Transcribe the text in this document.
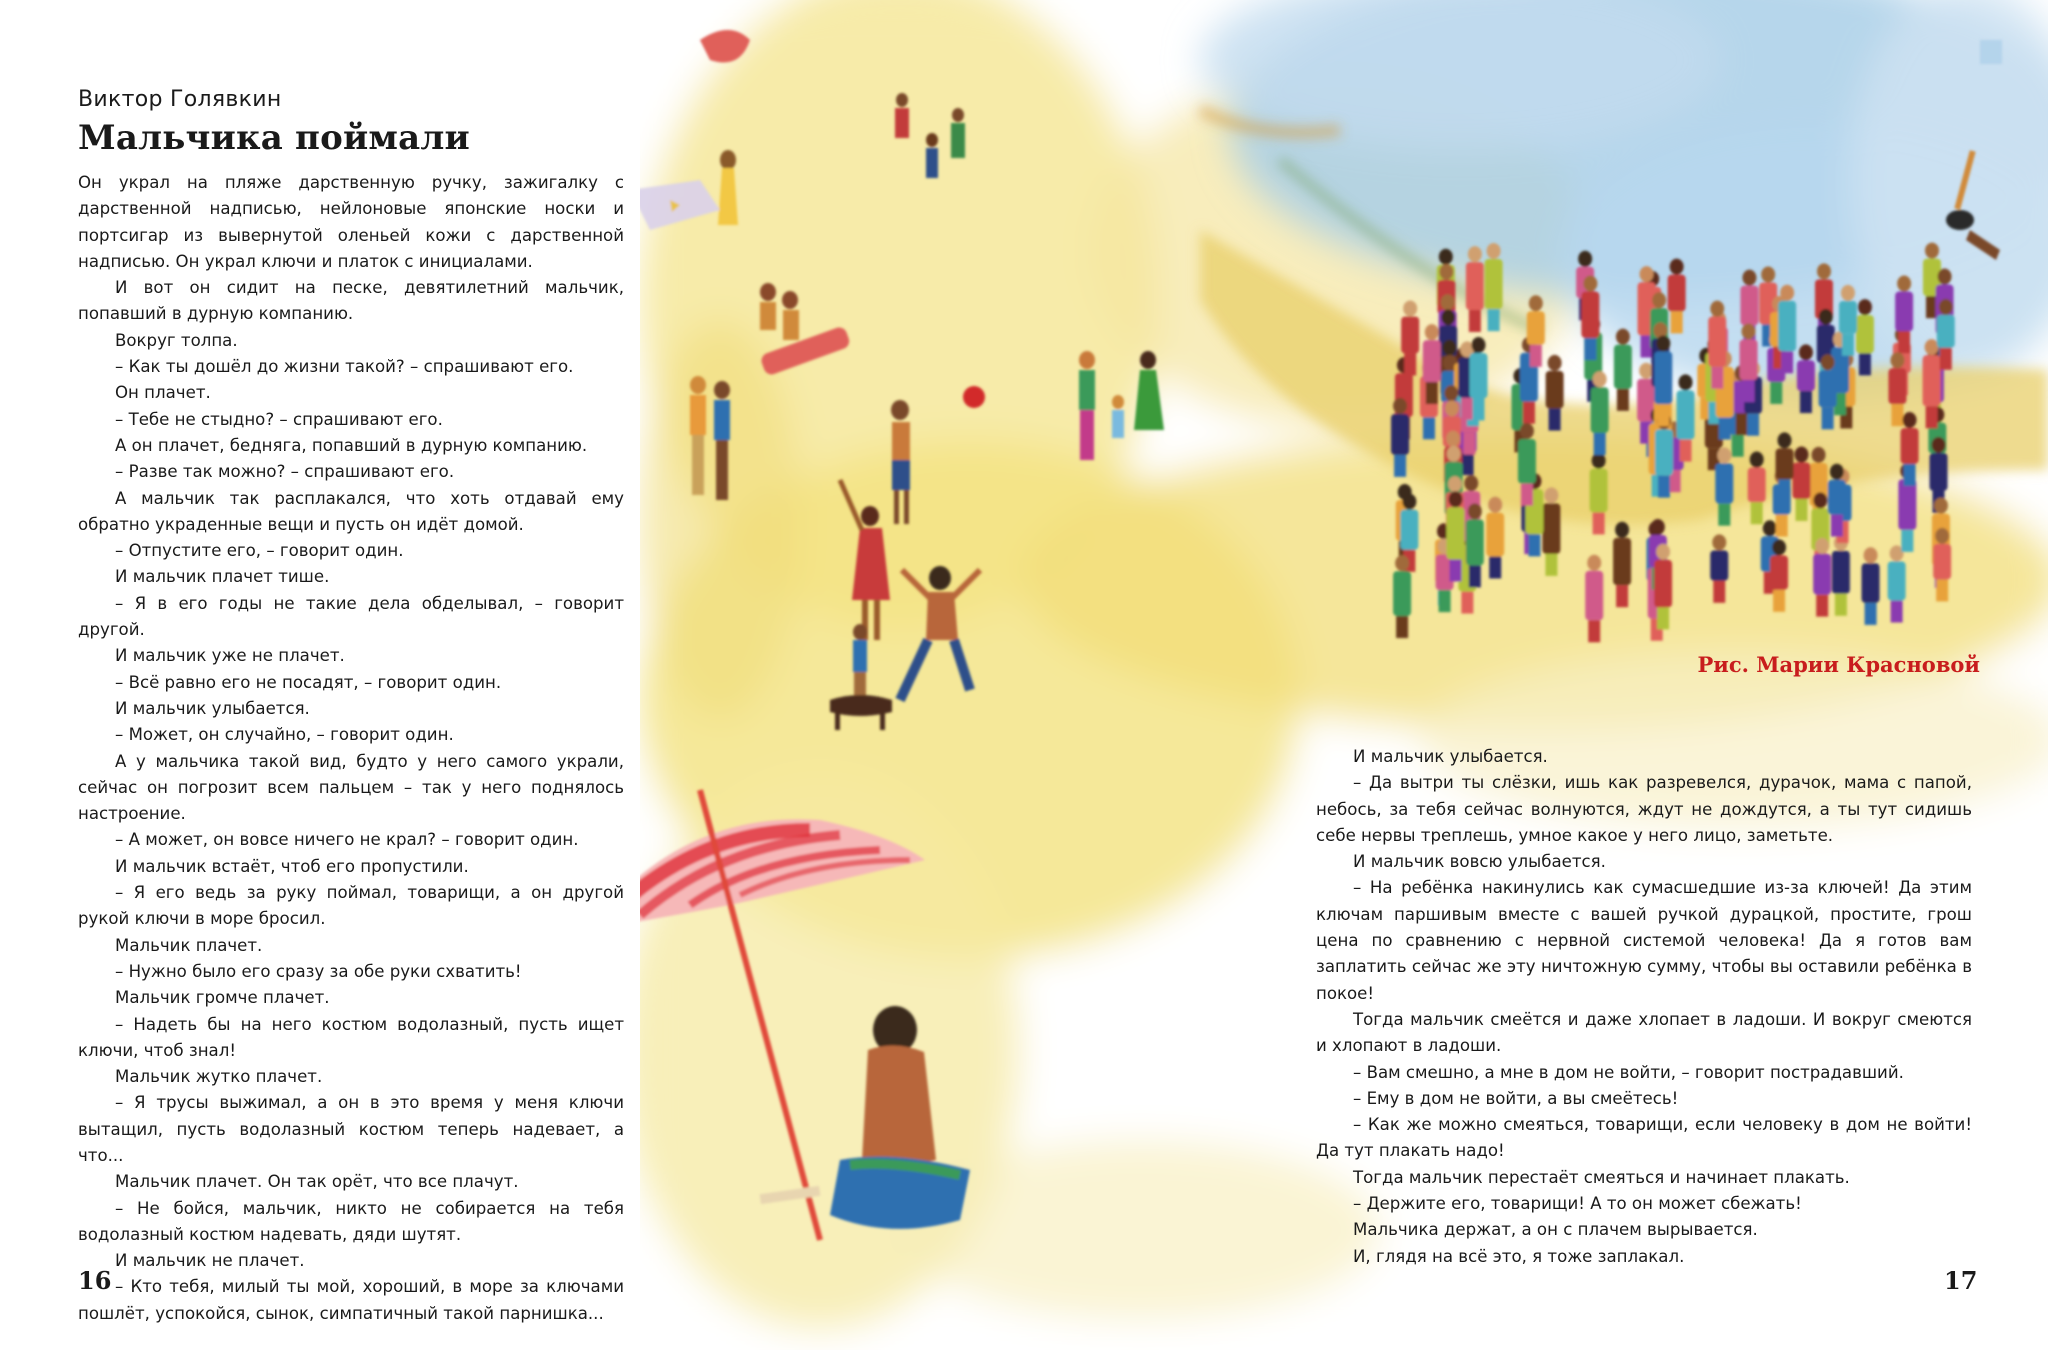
Виктор Голявкин
Мальчика поймали

Он украл на пляже дарственную ручку, зажигалку с дарственной надписью, нейлоновые японские носки и портсигар из вывернутой оленьей кожи с дарственной надписью. Он украл ключи и платок с инициалами.

И вот он сидит на песке, девятилетний мальчик, попавший в дурную компанию.

Вокруг толпа.

– Как ты дошёл до жизни такой? – спрашивают его.

Он плачет.

– Тебе не стыдно? – спрашивают его.

А он плачет, бедняга, попавший в дурную компанию.

– Разве так можно? – спрашивают его.

А мальчик так расплакался, что хоть отдавай ему обратно украденные вещи и пусть он идёт домой.

– Отпустите его, – говорит один.

И мальчик плачет тише.

– Я в его годы не такие дела обделывал, – говорит другой.

И мальчик уже не плачет.

– Всё равно его не посадят, – говорит один.

И мальчик улыбается.

– Может, он случайно, – говорит один.

А у мальчика такой вид, будто у него самого украли, сейчас он погрозит всем пальцем – так у него поднялось настроение.

– А может, он вовсе ничего не крал? – говорит один.

И мальчик встаёт, чтоб его пропустили.

– Я его ведь за руку поймал, товарищи, а он другой рукой ключи в море бросил.

Мальчик плачет.

– Нужно было его сразу за обе руки схватить!

Мальчик громче плачет.

– Надеть бы на него костюм водолазный, пусть ищет ключи, чтоб знал!

Мальчик жутко плачет.

– Я трусы выжимал, а он в это время у меня ключи вытащил, пусть водолазный костюм теперь надевает, а что...

Мальчик плачет. Он так орёт, что все плачут.

– Не бойся, мальчик, никто не собирается на тебя водолазный костюм надевать, дяди шутят.

И мальчик не плачет.

– Кто тебя, милый ты мой, хороший, в море за ключами пошлёт, успокойся, сынок, симпатичный такой парнишка...

16
Рис. Марии Красновой

И мальчик улыбается.

– Да вытри ты слёзки, ишь как разревелся, дурачок, мама с папой, небось, за тебя сейчас волнуются, ждут не дождутся, а ты тут сидишь себе нервы треплешь, умное какое у него лицо, заметьте.

И мальчик вовсю улыбается.

– На ребёнка накинулись как сумасшедшие из-за ключей! Да этим ключам паршивым вместе с вашей ручкой дурацкой, простите, грош цена по сравнению с нервной системой человека! Да я готов вам заплатить сейчас же эту ничтожную сумму, чтобы вы оставили ребёнка в покое!

Тогда мальчик смеётся и даже хлопает в ладоши. И вокруг смеются и хлопают в ладоши.

– Вам смешно, а мне в дом не войти, – говорит пострадавший.

– Ему в дом не войти, а вы смеётесь!

– Как же можно смеяться, товарищи, если человеку в дом не войти! Да тут плакать надо!

Тогда мальчик перестаёт смеяться и начинает плакать.

– Держите его, товарищи! А то он может сбежать!

Мальчика держат, а он с плачем вырывается.

И, глядя на всё это, я тоже заплакал.

17
